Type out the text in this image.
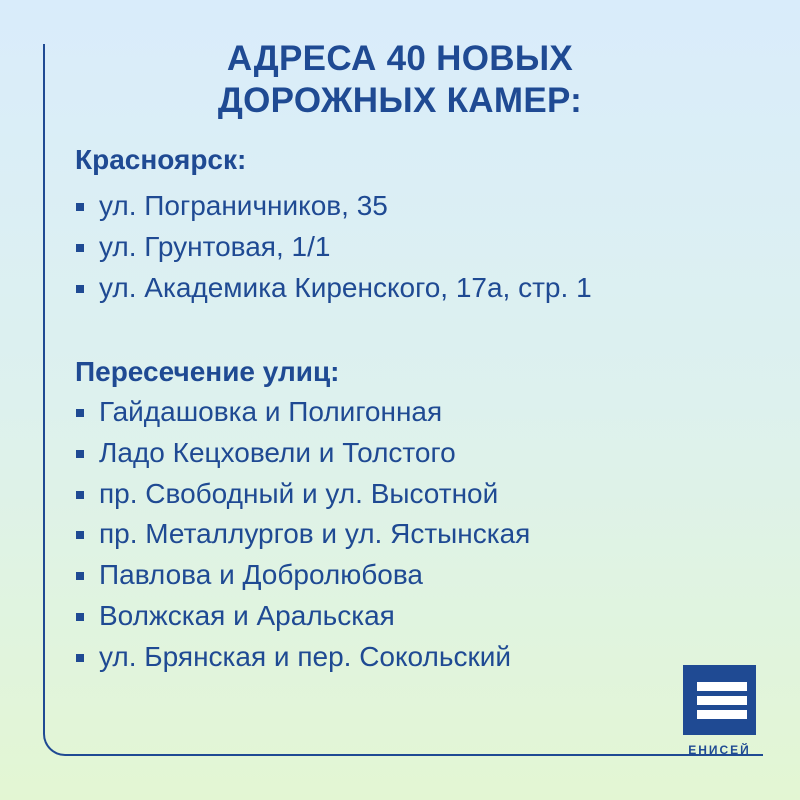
АДРЕСА 40 НОВЫХ
ДОРОЖНЫХ КАМЕР:
Красноярск:
ул. Пограничников, 35
ул. Грунтовая, 1/1
ул. Академика Киренского, 17а, стр. 1
Пересечение улиц:
Гайдашовка и Полигонная
Ладо Кецховели и Толстого
пр. Свободный и ул. Высотной
пр. Металлургов и ул. Ястынская
Павлова и Добролюбова
Волжская и Аральская
ул. Брянская и пер. Сокольский
ЕНИСЕЙ
